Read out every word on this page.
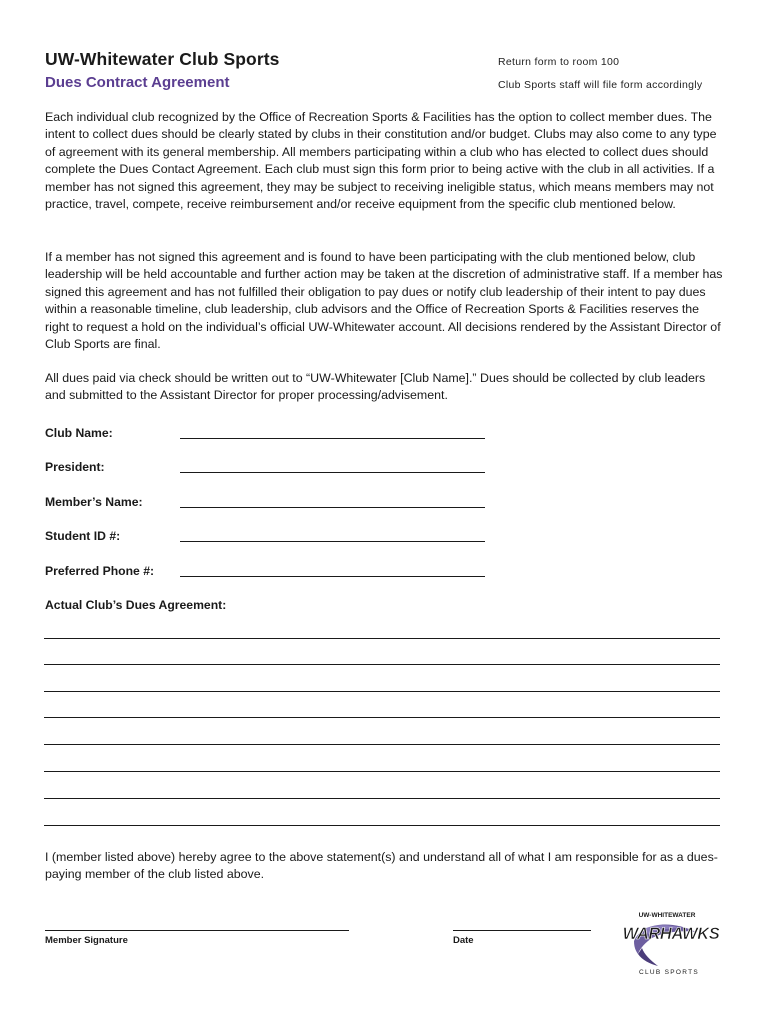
UW-Whitewater Club Sports
Dues Contract Agreement
Return form to room 100
Club Sports staff will file form accordingly

Each individual club recognized by the Office of Recreation Sports & Facilities has the option to collect member dues. The intent to collect dues should be clearly stated by clubs in their constitution and/or budget. Clubs may also come to any type of agreement with its general membership. All members participating within a club who has elected to collect dues should complete the Dues Contact Agreement. Each club must sign this form prior to being active with the club in all activities. If a member has not signed this agreement, they may be subject to receiving ineligible status, which means members may not practice, travel, compete, receive reimbursement and/or receive equipment from the specific club mentioned below.

If a member has not signed this agreement and is found to have been participating with the club mentioned below, club leadership will be held accountable and further action may be taken at the discretion of administrative staff. If a member has signed this agreement and has not fulfilled their obligation to pay dues or notify club leadership of their intent to pay dues within a reasonable timeline, club leadership, club advisors and the Office of Recreation Sports & Facilities reserves the right to request a hold on the individual’s official UW-Whitewater account. All decisions rendered by the Assistant Director of Club Sports are final.

All dues paid via check should be written out to “UW-Whitewater [Club Name].” Dues should be collected by club leaders and submitted to the Assistant Director for proper processing/advisement.

Club Name:
President:
Member’s Name:
Student ID #:
Preferred Phone #:
Actual Club’s Dues Agreement:

I (member listed above) hereby agree to the above statement(s) and understand all of what I am responsible for as a dues-paying member of the club listed above.

Member Signature	Date
UW-WHITEWATER
WARHAWKS
CLUB SPORTS
